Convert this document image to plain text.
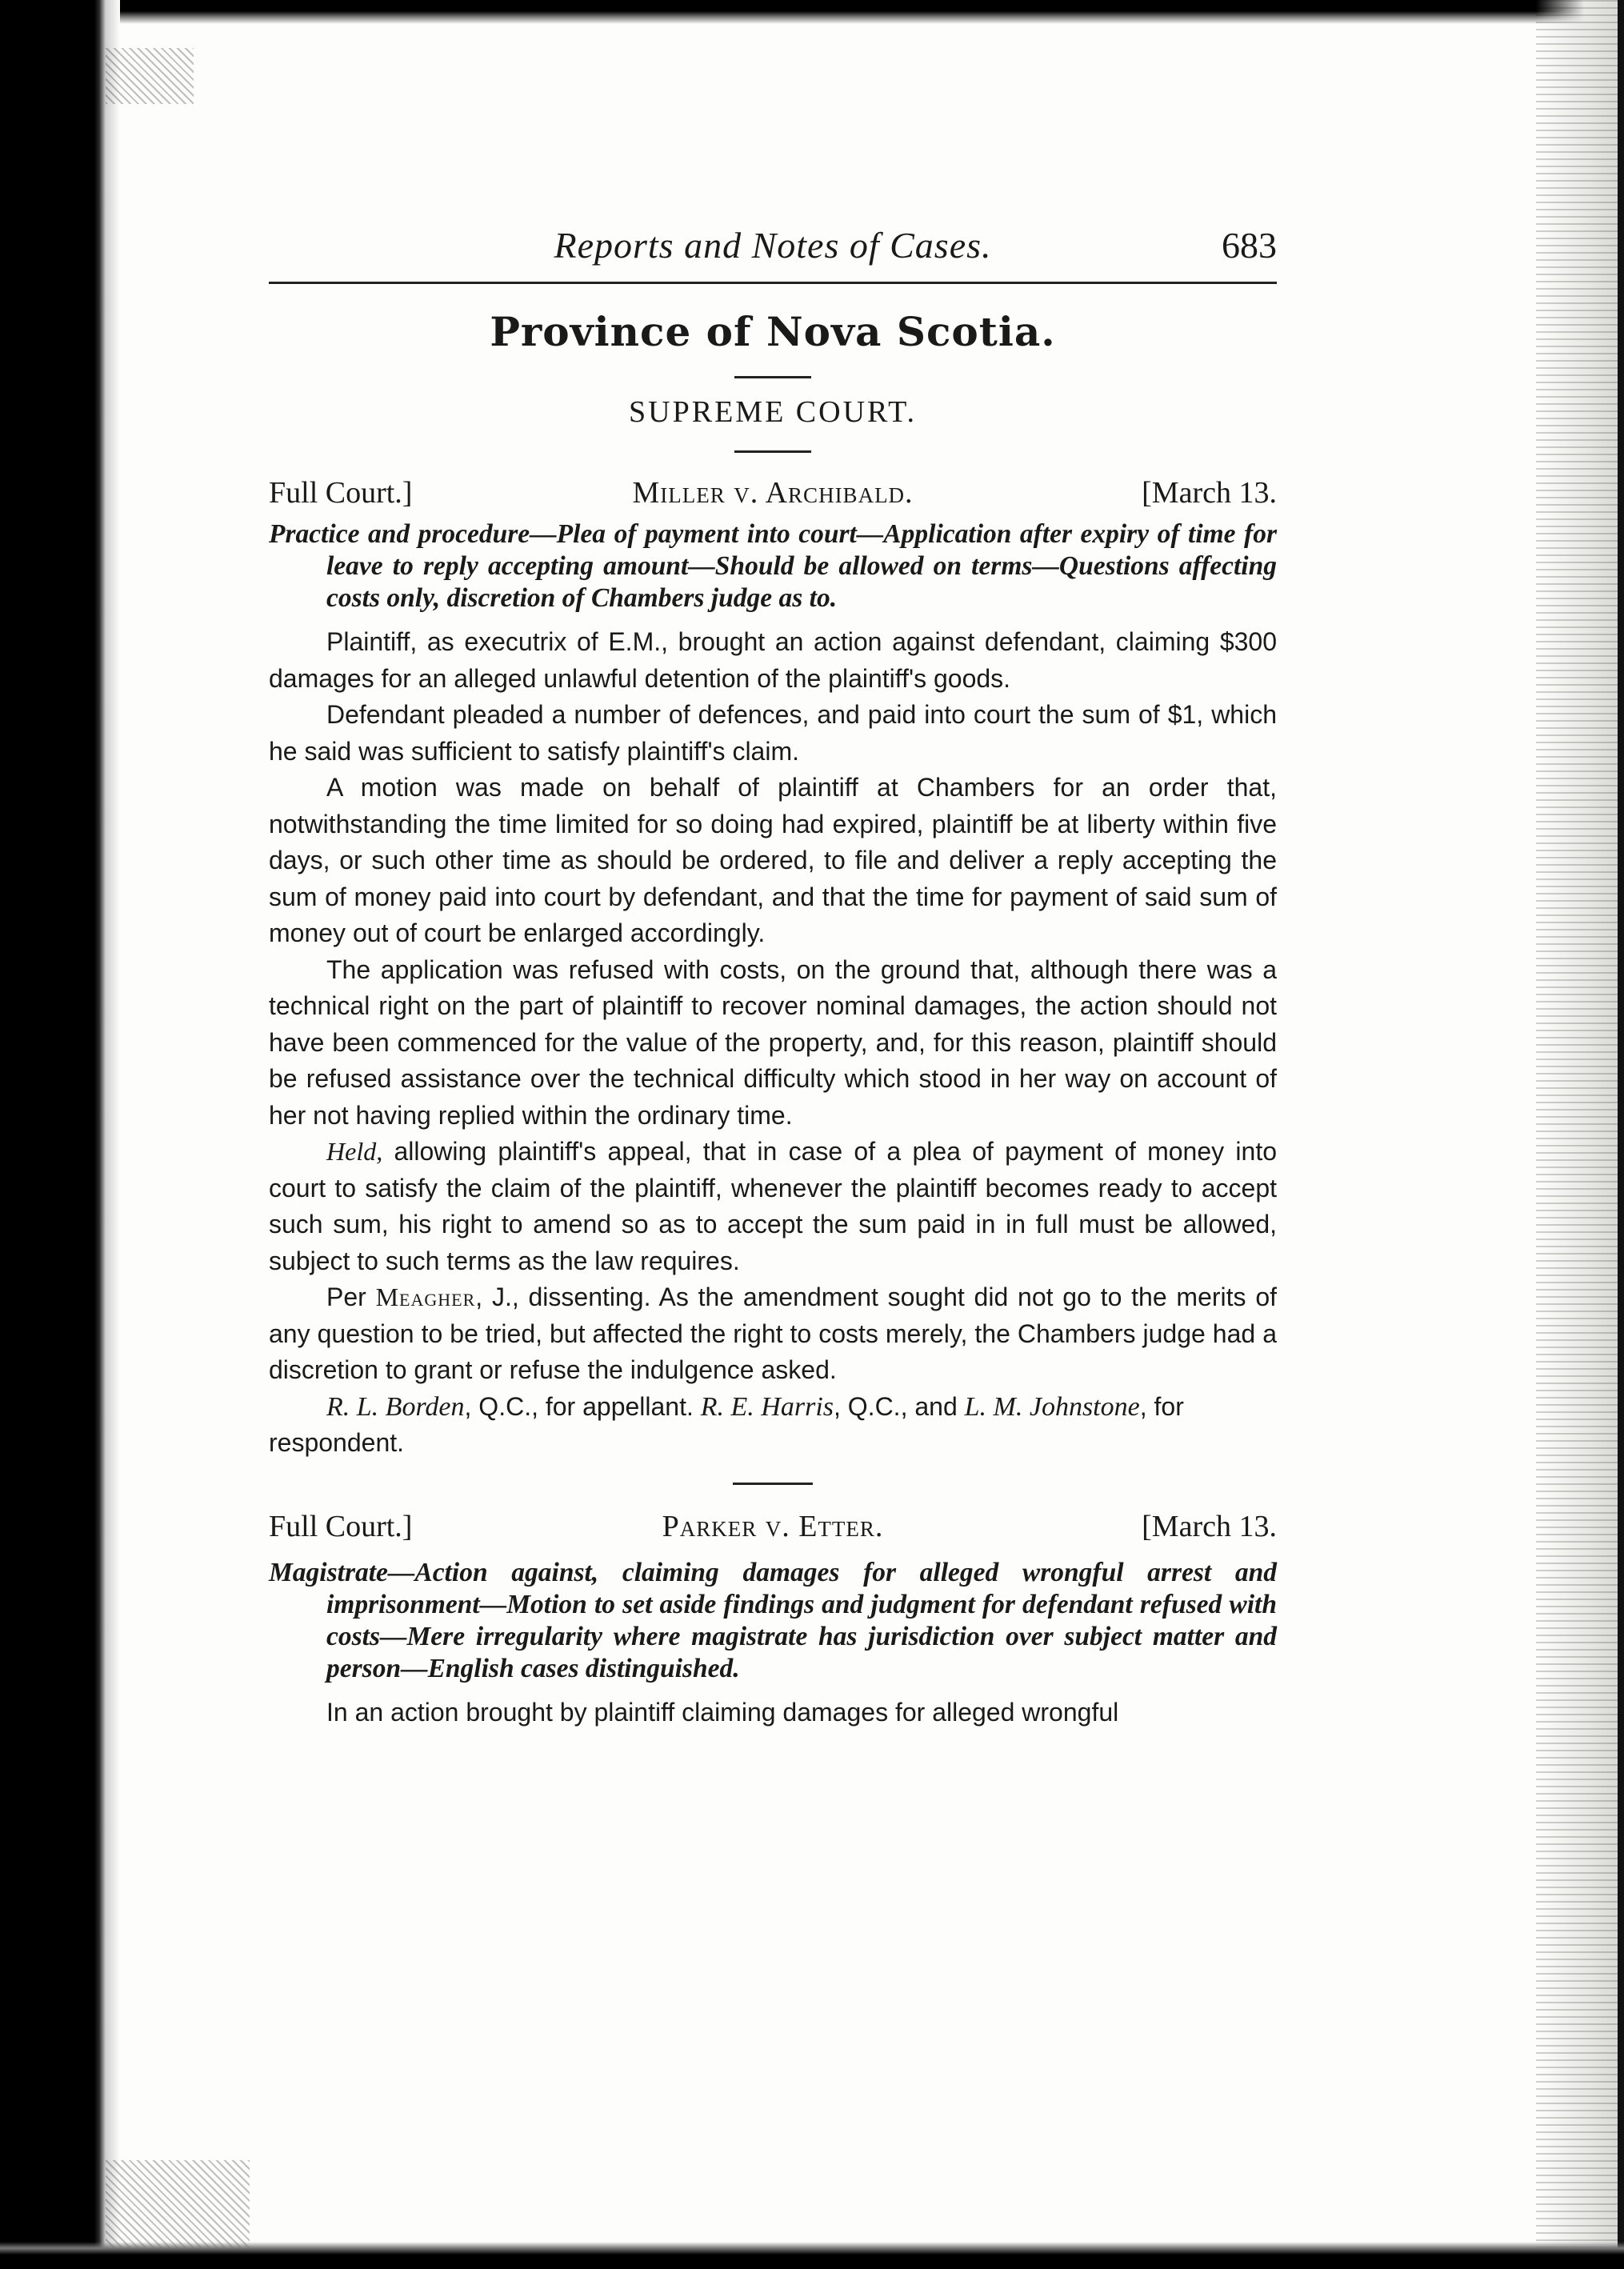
Reports and Notes of Cases.	683
Province of Nova Scotia.
SUPREME COURT.
Full Court.]	Miller v. Archibald.	[March 13.

Practice and procedure—Plea of payment into court—Application after expiry of time for leave to reply accepting amount—Should be allowed on terms—Questions affecting costs only, discretion of Chambers judge as to.

Plaintiff, as executrix of E.M., brought an action against defendant, claiming $300 damages for an alleged unlawful detention of the plaintiff's goods.

Defendant pleaded a number of defences, and paid into court the sum of $1, which he said was sufficient to satisfy plaintiff's claim.

A motion was made on behalf of plaintiff at Chambers for an order that, notwithstanding the time limited for so doing had expired, plaintiff be at liberty within five days, or such other time as should be ordered, to file and deliver a reply accepting the sum of money paid into court by defendant, and that the time for payment of said sum of money out of court be enlarged accordingly.

The application was refused with costs, on the ground that, although there was a technical right on the part of plaintiff to recover nominal damages, the action should not have been commenced for the value of the property, and, for this reason, plaintiff should be refused assistance over the technical difficulty which stood in her way on account of her not having replied within the ordinary time.

Held, allowing plaintiff's appeal, that in case of a plea of payment of money into court to satisfy the claim of the plaintiff, whenever the plaintiff becomes ready to accept such sum, his right to amend so as to accept the sum paid in in full must be allowed, subject to such terms as the law requires.

Per Meagher, J., dissenting. As the amendment sought did not go to the merits of any question to be tried, but affected the right to costs merely, the Chambers judge had a discretion to grant or refuse the indulgence asked.

R. L. Borden, Q.C., for appellant. R. E. Harris, Q.C., and L. M. Johnstone, for respondent.

Full Court.]	Parker v. Etter.	[March 13.

Magistrate—Action against, claiming damages for alleged wrongful arrest and imprisonment—Motion to set aside findings and judgment for defendant refused with costs—Mere irregularity where magistrate has jurisdiction over subject matter and person—English cases distinguished.

In an action brought by plaintiff claiming damages for alleged wrongful
